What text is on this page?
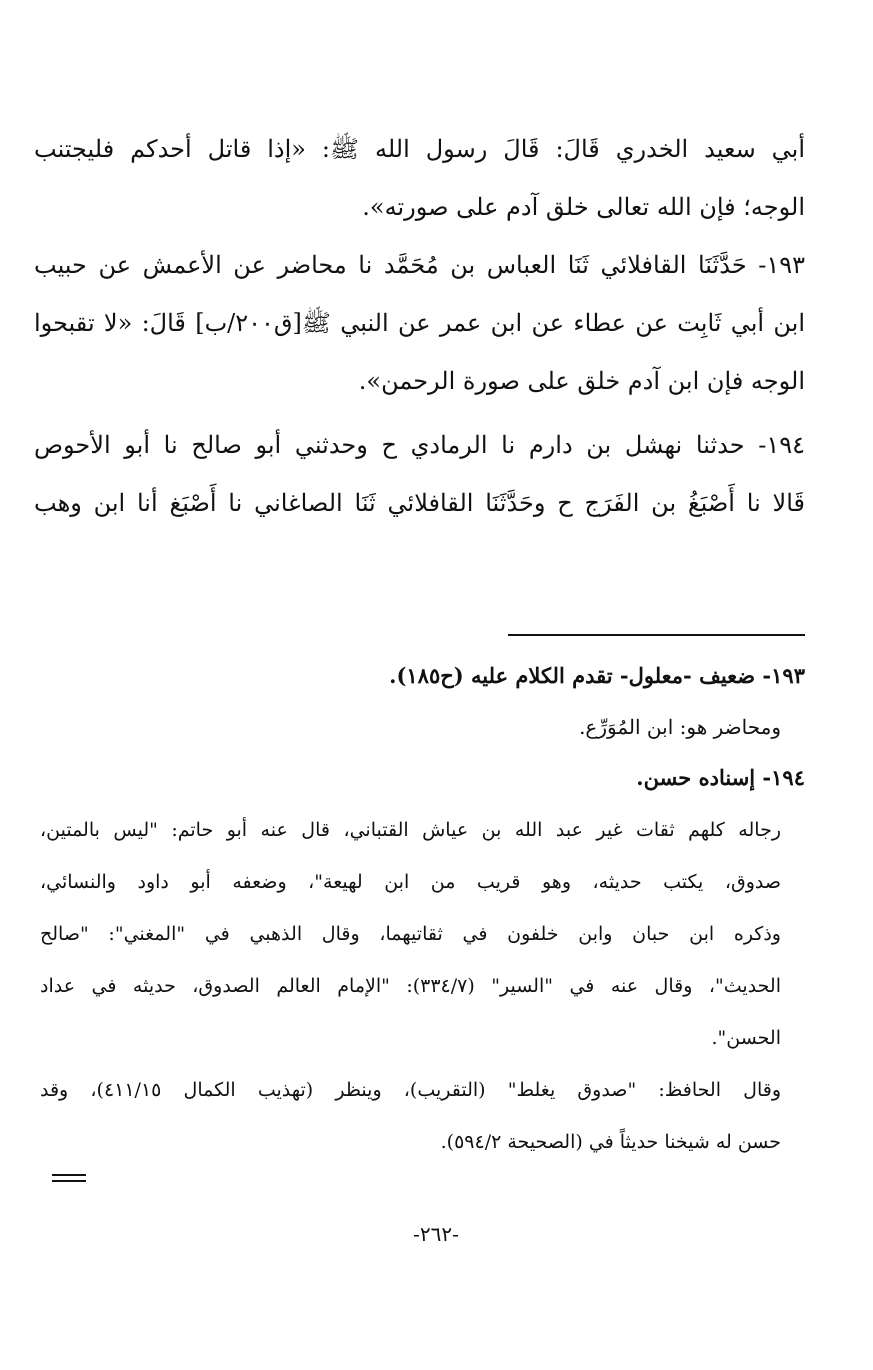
أبي سعيد الخدري قَالَ: قَالَ رسول الله ﷺ: «إذا قاتل أحدكم فليجتنب
الوجه؛ فإن الله تعالى خلق آدم على صورته».
١٩٣- حَدَّثَنَا القافلائي ثَنَا العباس بن مُحَمَّد نا محاضر عن الأعمش عن حبيب
ابن أبي ثَابِت عن عطاء عن ابن عمر عن النبي ﷺ[ق٢٠٠/ب] قَالَ: «لا تقبحوا
الوجه فإن ابن آدم خلق على صورة الرحمن».
١٩٤- حدثنا نهشل بن دارم نا الرمادي ح وحدثني أبو صالح نا أبو الأحوص
قَالا نا أَصْبَغُ بن الفَرَج ح وحَدَّثَنَا القافلائي ثَنَا الصاغاني نا أَصْبَغ أنا ابن وهب
١٩٣- ضعيف -معلول- تقدم الكلام عليه (ح١٨٥).
ومحاضر هو: ابن المُوَرِّع.
١٩٤- إسناده حسن.
رجاله كلهم ثقات غير عبد الله بن عياش القتباني، قال عنه أبو حاتم: "ليس بالمتين،
صدوق، يكتب حديثه، وهو قريب من ابن لهيعة"، وضعفه أبو داود والنسائي،
وذكره ابن حبان وابن خلفون في ثقاتيهما، وقال الذهبي في "المغني": "صالح
الحديث"، وقال عنه في "السير" (٣٣٤/٧): "الإمام العالم الصدوق، حديثه في عداد
الحسن".
وقال الحافظ: "صدوق يغلط" (التقريب)، وينظر (تهذيب الكمال ٤١١/١٥)، وقد
حسن له شيخنا حديثاً في (الصحيحة ٥٩٤/٢).
-٢٦٢-
